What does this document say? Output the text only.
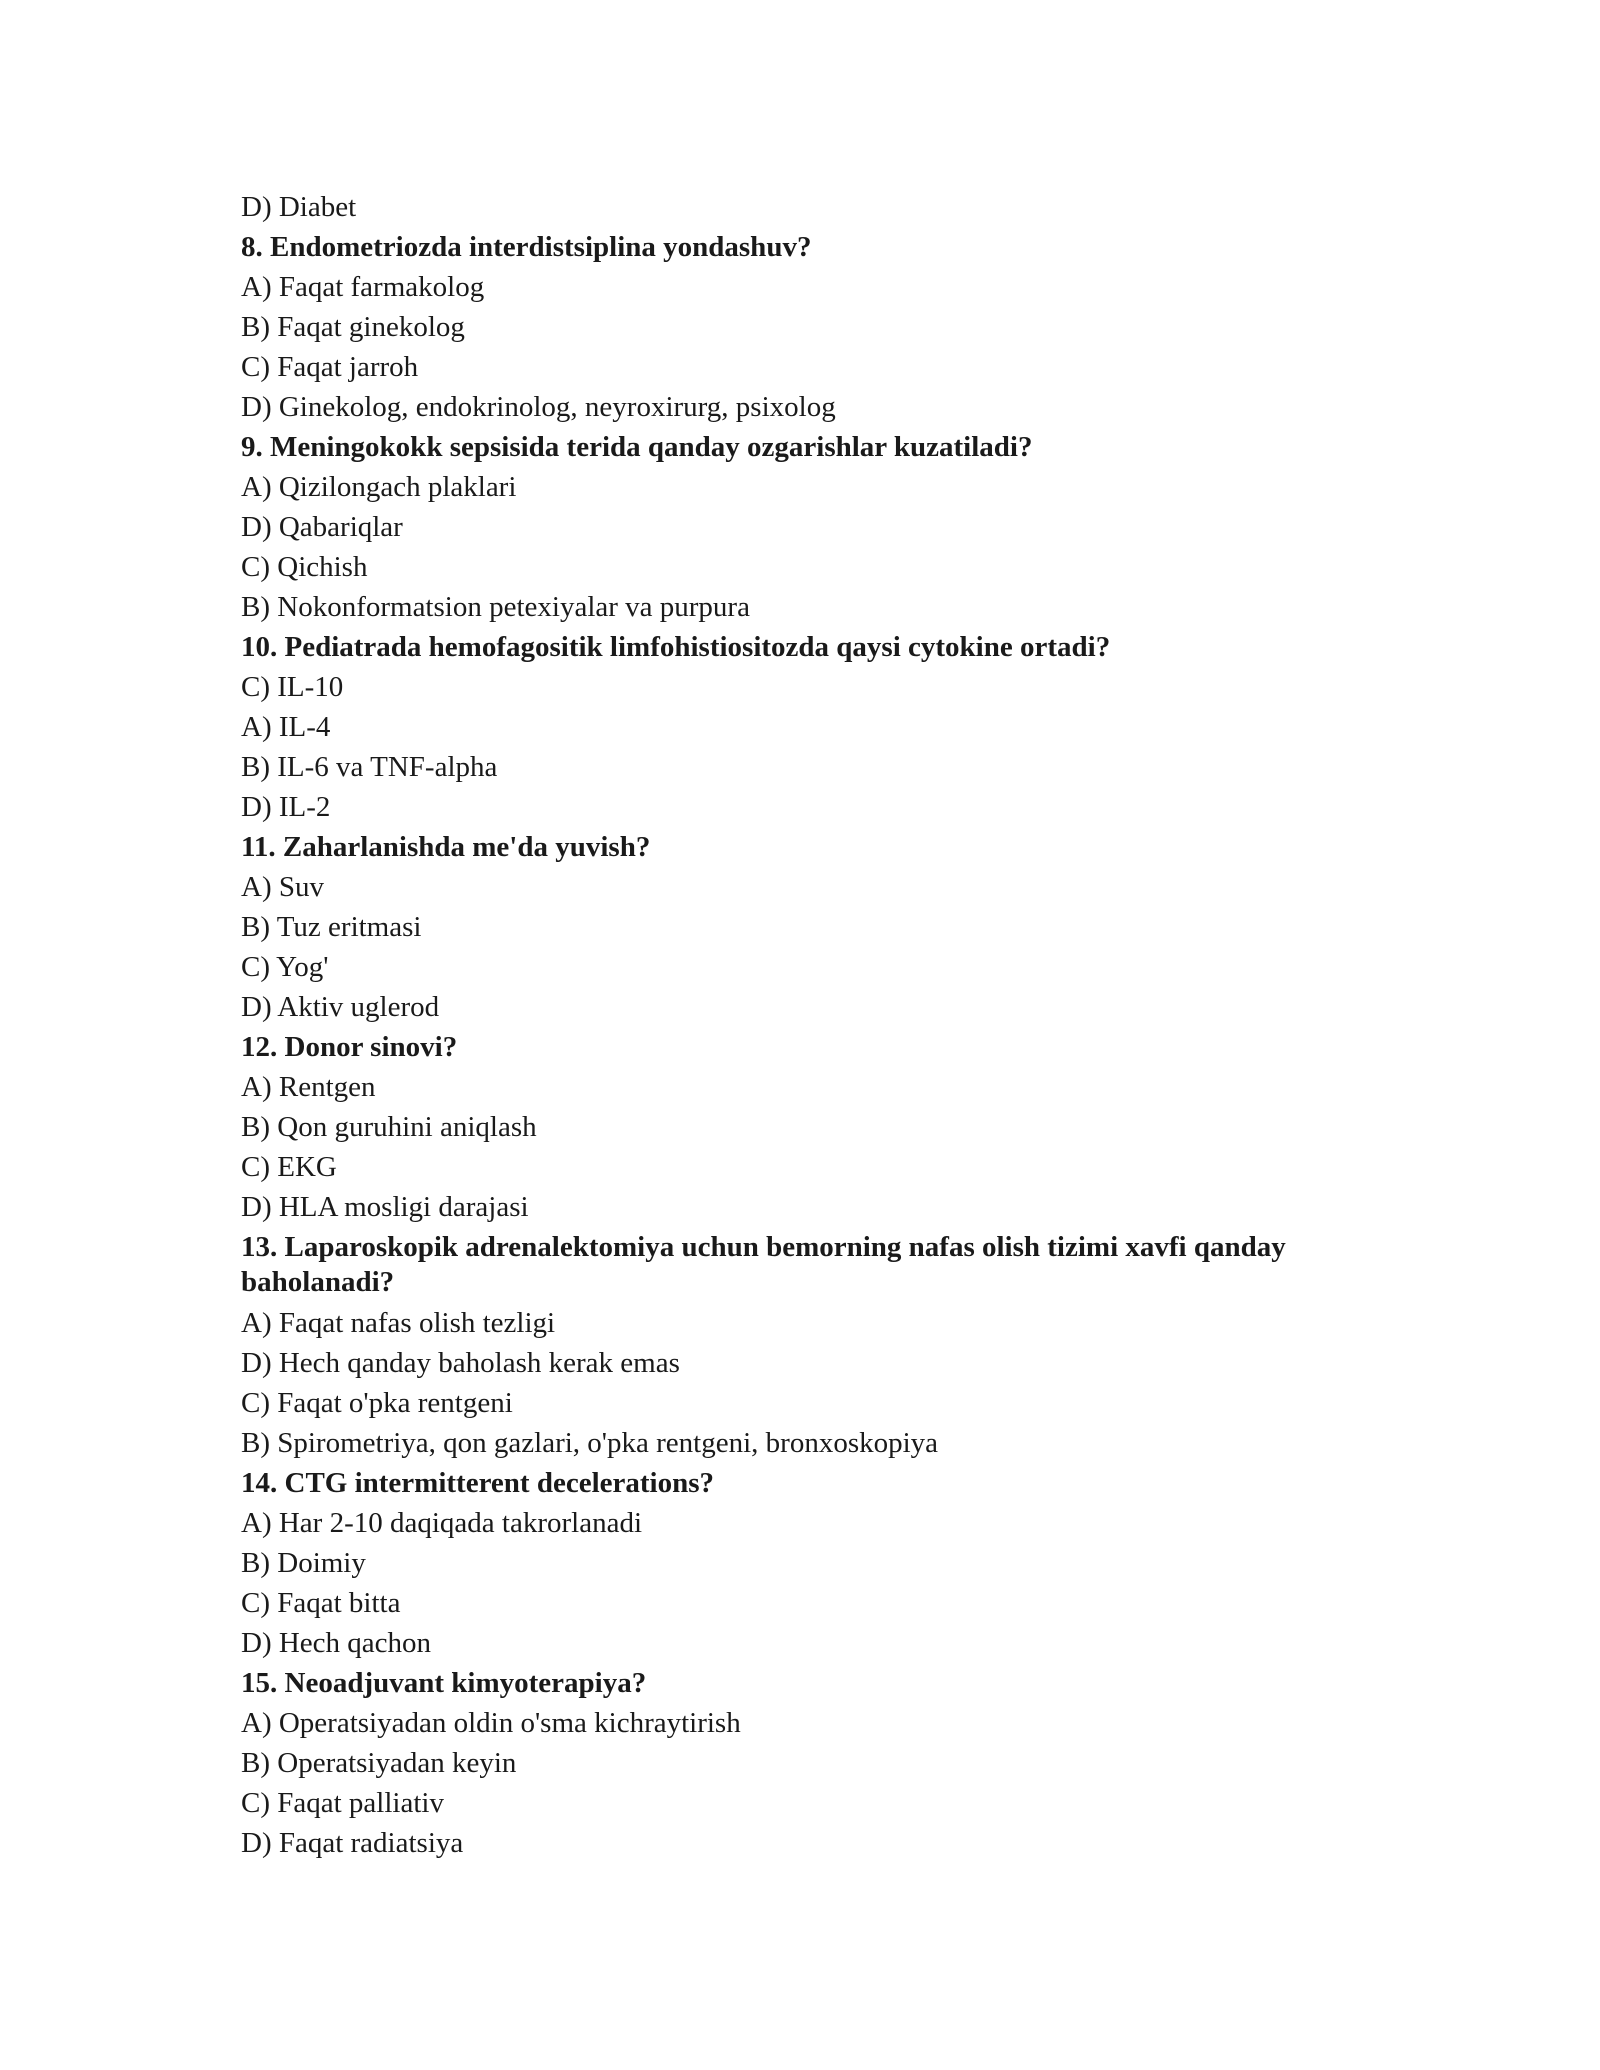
D) Diabet
8. Endometriozda interdistsiplina yondashuv?
A) Faqat farmakolog
B) Faqat ginekolog
C) Faqat jarroh
D) Ginekolog, endokrinolog, neyroxirurg, psixolog
9. Meningokokk sepsisida terida qanday ozgarishlar kuzatiladi?
A) Qizilongach plaklari
D) Qabariqlar
C) Qichish
B) Nokonformatsion petexiyalar va purpura
10. Pediatrada hemofagositik limfohistiositozda qaysi cytokine ortadi?
C) IL-10
A) IL-4
B) IL-6 va TNF-alpha
D) IL-2
11. Zaharlanishda me'da yuvish?
A) Suv
B) Tuz eritmasi
C) Yog'
D) Aktiv uglerod
12. Donor sinovi?
A) Rentgen
B) Qon guruhini aniqlash
C) EKG
D) HLA mosligi darajasi
13. Laparoskopik adrenalektomiya uchun bemorning nafas olish tizimi xavfi qanday baholanadi?
A) Faqat nafas olish tezligi
D) Hech qanday baholash kerak emas
C) Faqat o'pka rentgeni
B) Spirometriya, qon gazlari, o'pka rentgeni, bronxoskopiya
14. CTG intermitterent decelerations?
A) Har 2-10 daqiqada takrorlanadi
B) Doimiy
C) Faqat bitta
D) Hech qachon
15. Neoadjuvant kimyoterapiya?
A) Operatsiyadan oldin o'sma kichraytirish
B) Operatsiyadan keyin
C) Faqat palliativ
D) Faqat radiatsiya
